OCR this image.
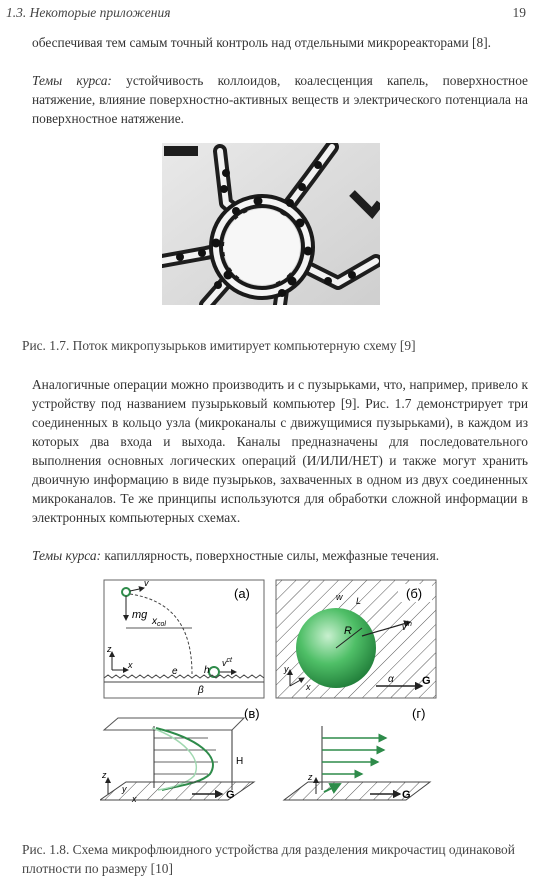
1.3. Некоторые приложения	19

обеспечивая тем самым точный контроль над отдельными микрореакторами [8].

Темы курса: устойчивость коллоидов, коалесценция капель, поверхностное натяжение, влияние поверхностно-активных веществ и электрического потенциала на поверхностное натяжение.

Рис. 1.7. Поток микропузырьков имитирует компьютерную схему [9]

Аналогичные операции можно производить и с пузырьками, что, например, привело к устройству под названием пузырьковый компьютер [9]. Рис. 1.7 демонстрирует три соединенных в кольцо узла (микроканалы с движущимися пузырьками), в каждом из которых два входа и выхода. Каналы предназначены для последовательного выполнения основных логических операций (И/ИЛИ/НЕТ) и также могут хранить двоичную информацию в виде пузырьков, захваченных в одном из двух соединенных микроканалов. Те же принципы используются для обработки сложной информации в электронных компьютерных схемах.

Темы курса: капиллярность, поверхностные силы, межфазные течения.

(а)
mg
v
$x_{col}$
$v^{ct}$
h
e
β
z
x
(б)
R	$v^{in}$
w L
y
x
α	G
(в)
H
z
y
x	G
(г)
z
G

Рис. 1.8. Схема микрофлюидного устройства для разделения микрочастиц одинаковой плотности по размеру [10]
